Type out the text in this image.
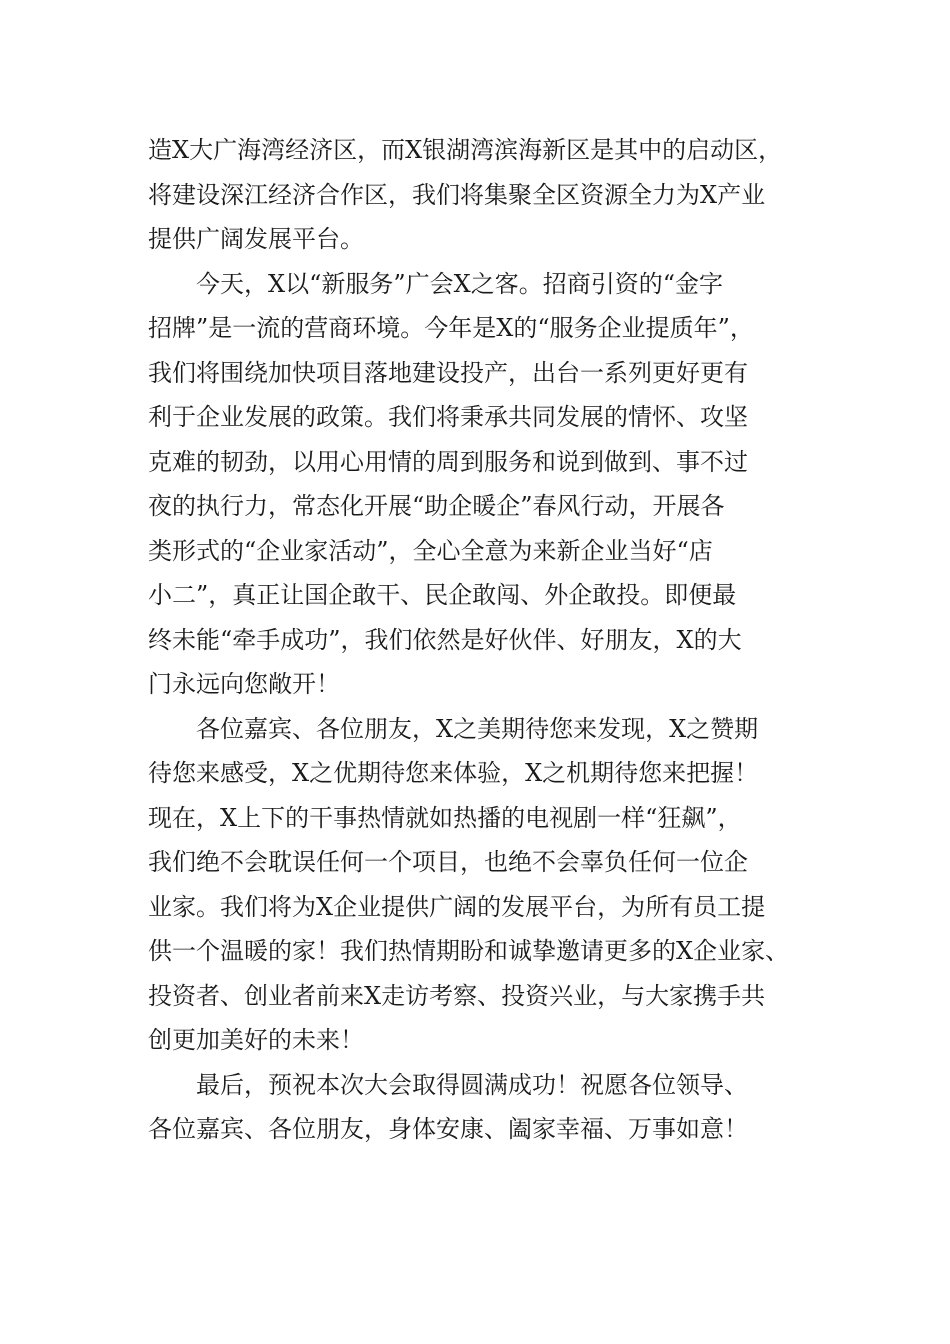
造X大广海湾经济区，而X银湖湾滨海新区是其中的启动区，
将建设深江经济合作区，我们将集聚全区资源全力为X产业
提供广阔发展平台。
今天，X以“新服务”广会X之客。招商引资的“金字
招牌”是一流的营商环境。今年是X的“服务企业提质年”，
我们将围绕加快项目落地建设投产，出台一系列更好更有
利于企业发展的政策。我们将秉承共同发展的情怀、攻坚
克难的韧劲，以用心用情的周到服务和说到做到、事不过
夜的执行力，常态化开展“助企暖企”春风行动，开展各
类形式的“企业家活动”，全心全意为来新企业当好“店
小二”，真正让国企敢干、民企敢闯、外企敢投。即便最
终未能“牵手成功”，我们依然是好伙伴、好朋友，X的大
门永远向您敞开！
各位嘉宾、各位朋友，X之美期待您来发现，X之赞期
待您来感受，X之优期待您来体验，X之机期待您来把握！
现在，X上下的干事热情就如热播的电视剧一样“狂飙”，
我们绝不会耽误任何一个项目，也绝不会辜负任何一位企
业家。我们将为X企业提供广阔的发展平台，为所有员工提
供一个温暖的家！我们热情期盼和诚挚邀请更多的X企业家、
投资者、创业者前来X走访考察、投资兴业，与大家携手共
创更加美好的未来！
最后，预祝本次大会取得圆满成功！祝愿各位领导、
各位嘉宾、各位朋友，身体安康、阖家幸福、万事如意！
